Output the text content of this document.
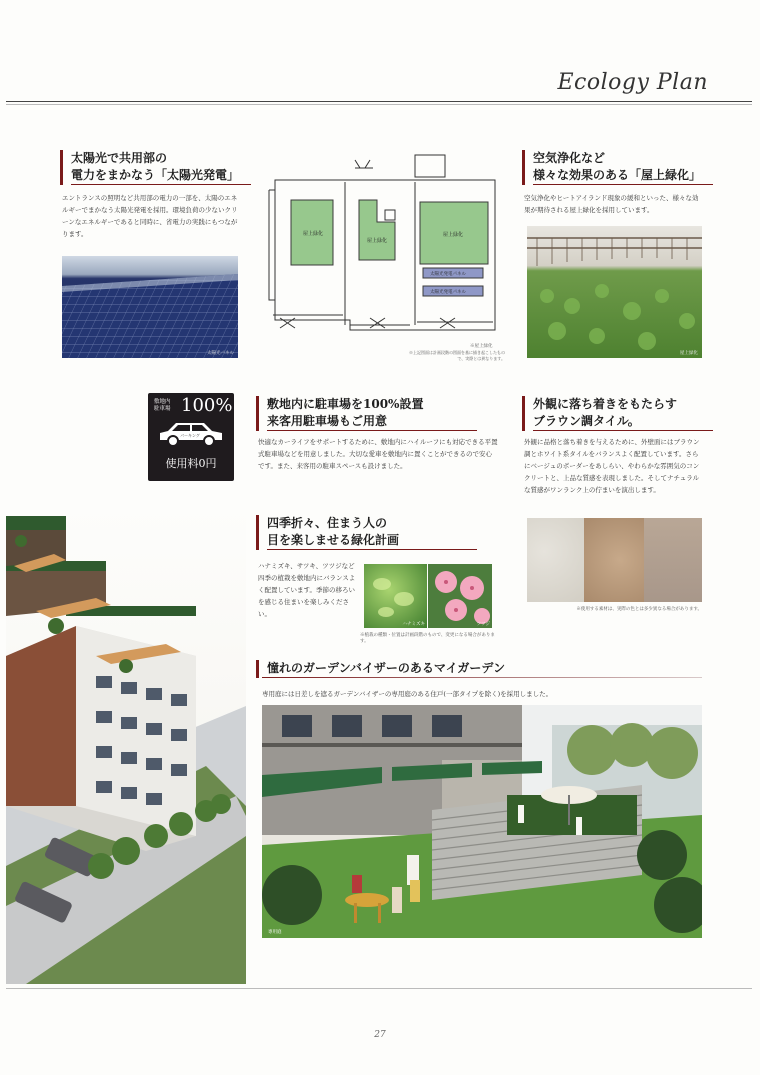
Ecology Plan
太陽光で共用部の
電力をまかなう「太陽光発電」
エントランスの照明など共用部の電力の一部を、太陽のエネルギーでまかなう太陽光発電を採用。環境負荷の少ないクリーンなエネルギーであると同時に、省電力の実践にもつながります。
太陽光パネル
屋上緑化
屋上緑化
屋上緑化
太陽光発電パネル
太陽光発電パネル
※屋上緑化
※上記図面は計画段階の図面を基に描き起こしたもので、実際とは異なります。
空気浄化など
様々な効果のある「屋上緑化」
空気浄化やヒートアイランド現象の緩和といった、様々な効果が期待される屋上緑化を採用しています。
屋上緑化
敷地内
駐車場 100%
パーキング
使用料0円
敷地内に駐車場を100%設置
来客用駐車場もご用意
快適なカーライフをサポートするために、敷地内にハイルーフにも対応できる平置式駐車場などを用意しました。大切な愛車を敷地内に置くことができるので安心です。また、来客用の駐車スペースも設けました。
外観に落ち着きをもたらす
ブラウン調タイル。
外観に品格と落ち着きを与えるために、外壁面にはブラウン調とホワイト系タイルをバランスよく配置しています。さらにベージュのボーダーをあしらい、やわらかな雰囲気のコンクリートと、上品な質感を表現しました。そしてナチュラルな質感がワンランク上の佇まいを演出します。
※使用する素材は、実際の色とは多少異なる場合があります。
四季折々、住まう人の
目を楽しませる緑化計画
ハナミズキ、サツキ、ツツジなど四季の植栽を敷地内にバランスよく配置しています。季節の移ろいを感じる住まいを楽しみください。
ハナミズキ	ツツジ
※植栽の種類・位置は計画段階のもので、変更になる場合があります。
憧れのガーデンバイザーのあるマイガーデン
専用庭には日差しを遮るガーデンバイザーの専用庭のある住戸(一部タイプを除く)を採用しました。
専用庭
27
